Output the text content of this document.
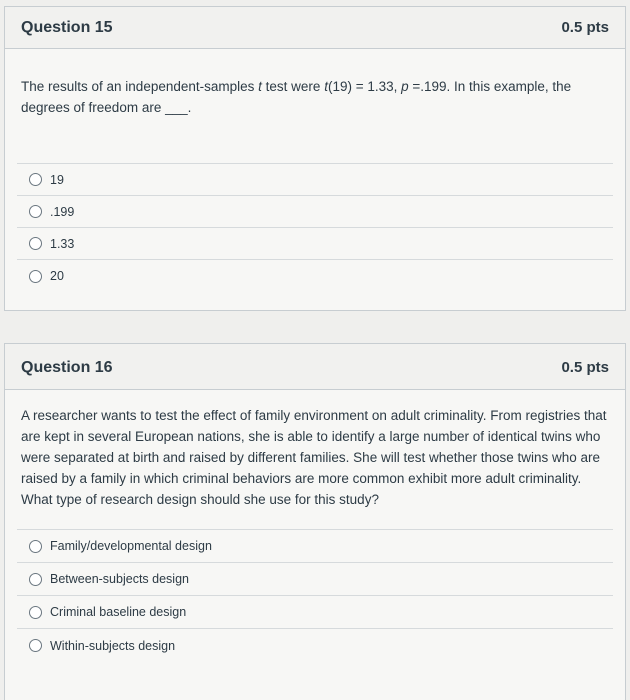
Question 15	0.5 pts
The results of an independent-samples t test were t(19) = 1.33, p =.199. In this example, the degrees of freedom are ___.
19
.199
1.33
20
Question 16	0.5 pts
A researcher wants to test the effect of family environment on adult criminality. From registries that are kept in several European nations, she is able to identify a large number of identical twins who were separated at birth and raised by different families. She will test whether those twins who are raised by a family in which criminal behaviors are more common exhibit more adult criminality. What type of research design should she use for this study?
Family/developmental design
Between-subjects design
Criminal baseline design
Within-subjects design
